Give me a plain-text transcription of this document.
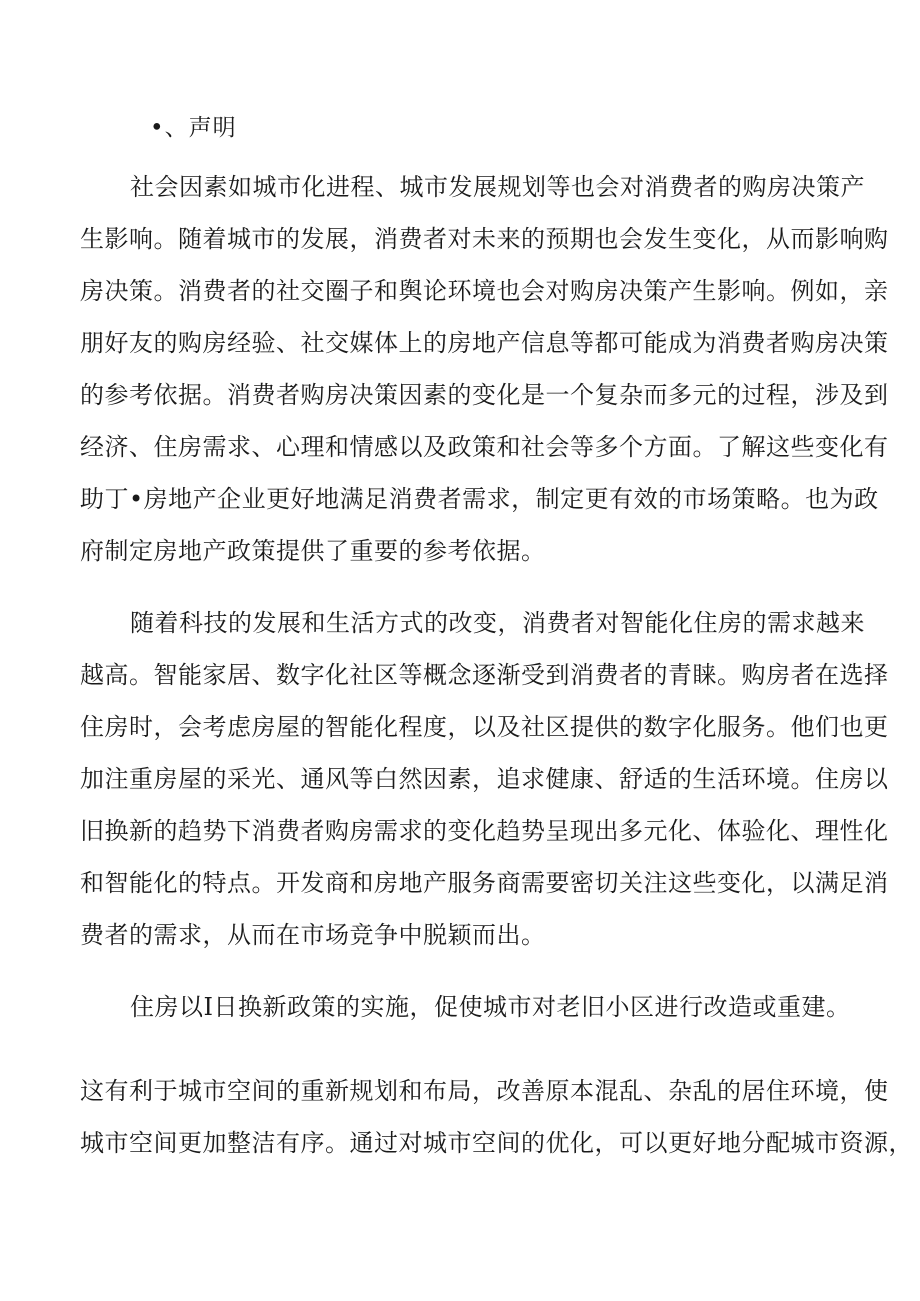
•、声明
社会因素如城市化进程、城市发展规划等也会对消费者的购房决策产
生影响。随着城市的发展，消费者对未来的预期也会发生变化，从而影响购
房决策。消费者的社交圈子和舆论环境也会对购房决策产生影响。例如，亲
朋好友的购房经验、社交媒体上的房地产信息等都可能成为消费者购房决策
的参考依据。消费者购房决策因素的变化是一个复杂而多元的过程，涉及到
经济、住房需求、心理和情感以及政策和社会等多个方面。了解这些变化有
助丁•房地产企业更好地满足消费者需求，制定更有效的市场策略。也为政
府制定房地产政策提供了重要的参考依据。
随着科技的发展和生活方式的改变，消费者对智能化住房的需求越来
越高。智能家居、数字化社区等概念逐渐受到消费者的青睐。购房者在选择
住房时，会考虑房屋的智能化程度，以及社区提供的数字化服务。他们也更
加注重房屋的采光、通风等白然因素，追求健康、舒适的生活环境。住房以
旧换新的趋势下消费者购房需求的变化趋势呈现出多元化、体验化、理性化
和智能化的特点。开发商和房地产服务商需要密切关注这些变化，以满足消
费者的需求，从而在市场竞争中脱颖而出。
住房以Ⅰ日换新政策的实施，促使城市对老旧小区进行改造或重建。
这有利于城市空间的重新规划和布局，改善原本混乱、杂乱的居住环境，使
城市空间更加整洁有序。通过对城市空间的优化，可以更好地分配城市资源，
